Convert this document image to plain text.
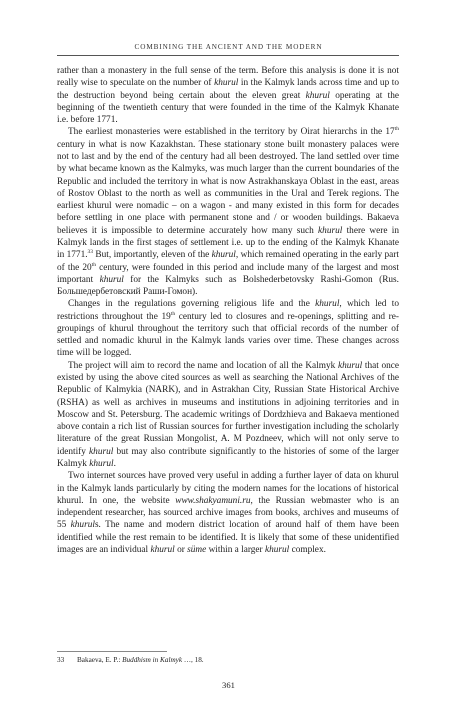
COMBINING THE ANCIENT AND THE MODERN

rather than a monastery in the full sense of the term. Before this analysis is done it is not really wise to speculate on the number of khurul in the Kalmyk lands across time and up to the destruction beyond being certain about the eleven great khurul operating at the beginning of the twentieth century that were founded in the time of the Kalmyk Khanate i.e. before 1771.

The earliest monasteries were established in the territory by Oirat hierarchs in the 17th century in what is now Kazakhstan. These stationary stone built monastery palaces were not to last and by the end of the century had all been destroyed. The land settled over time by what became known as the Kalmyks, was much larger than the current boundaries of the Republic and included the territory in what is now Astrakhanskaya Oblast in the east, areas of Rostov Oblast to the north as well as communities in the Ural and Terek regions. The earliest khurul were nomadic – on a wagon - and many existed in this form for decades before settling in one place with permanent stone and / or wooden buildings. Bakaeva believes it is impossible to determine accurately how many such khurul there were in Kalmyk lands in the first stages of settlement i.e. up to the ending of the Kalmyk Khanate in 1771.33 But, importantly, eleven of the khurul, which remained operating in the early part of the 20th century, were founded in this period and include many of the largest and most important khurul for the Kalmyks such as Bolshederbetovsky Rashi-Gomon (Rus. Большедербетовский Раши-Гомон).

Changes in the regulations governing religious life and the khurul, which led to restrictions throughout the 19th century led to closures and re-openings, splitting and re-groupings of khurul throughout the territory such that official records of the number of settled and nomadic khurul in the Kalmyk lands varies over time. These changes across time will be logged.

The project will aim to record the name and location of all the Kalmyk khurul that once existed by using the above cited sources as well as searching the National Archives of the Republic of Kalmykia (NARK), and in Astrakhan City, Russian State Historical Archive (RSHA) as well as archives in museums and institutions in adjoining territories and in Moscow and St. Petersburg. The academic writings of Dordzhieva and Bakaeva mentioned above contain a rich list of Russian sources for further investigation including the scholarly literature of the great Russian Mongolist, A. M Pozdneev, which will not only serve to identify khurul but may also contribute significantly to the histories of some of the larger Kalmyk khurul.

Two internet sources have proved very useful in adding a further layer of data on khurul in the Kalmyk lands particularly by citing the modern names for the locations of historical khurul. In one, the website www.shakyamuni.ru, the Russian webmaster who is an independent researcher, has sourced archive images from books, archives and museums of 55 khuruls. The name and modern district location of around half of them have been identified while the rest remain to be identified. It is likely that some of these unidentified images are an individual khurul or süme within a larger khurul complex.

33 Bakaeva, E. P.: Buddhism in Kalmyk …, 18.
361
